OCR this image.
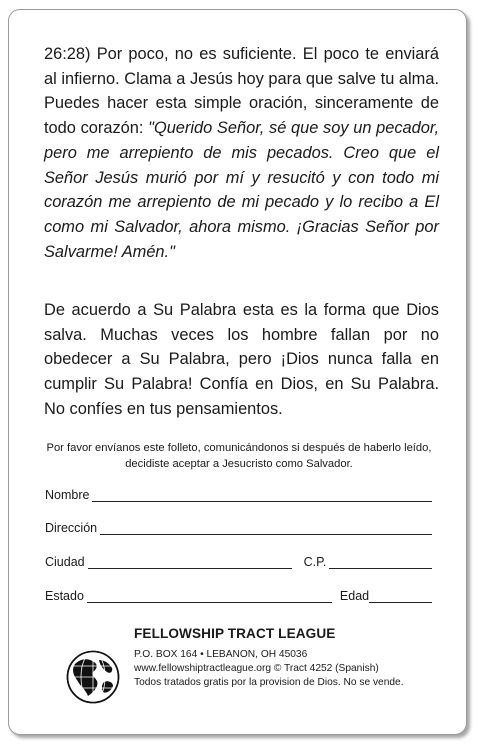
26:28) Por poco, no es suficiente. El poco te enviará al infierno. Clama a Jesús hoy para que salve tu alma. Puedes hacer esta simple oración, sinceramente de todo corazón: "Querido Señor, sé que soy un pecador, pero me arrepiento de mis pecados. Creo que el Señor Jesús murió por mí y resucitó y con todo mi corazón me arrepiento de mi pecado y lo recibo a El como mi Salvador, ahora mismo. ¡Gracias Señor por Salvarme! Amén."

De acuerdo a Su Palabra esta es la forma que Dios salva. Muchas veces los hombre fallan por no obedecer a Su Palabra, pero ¡Dios nunca falla en cumplir Su Palabra! Confía en Dios, en Su Palabra. No confíes en tus pensamientos.

Por favor envíanos este folleto, comunicándonos si después de haberlo leído, decidiste aceptar a Jesucristo como Salvador.

Nombre
Dirección
Ciudad	C.P.
Estado	Edad

FELLOWSHIP TRACT LEAGUE

P.O. BOX 164 • LEBANON, OH 45036

www.fellowshiptractleague.org © Tract 4252 (Spanish)

Todos tratados gratis por la provision de Dios. No se vende.
